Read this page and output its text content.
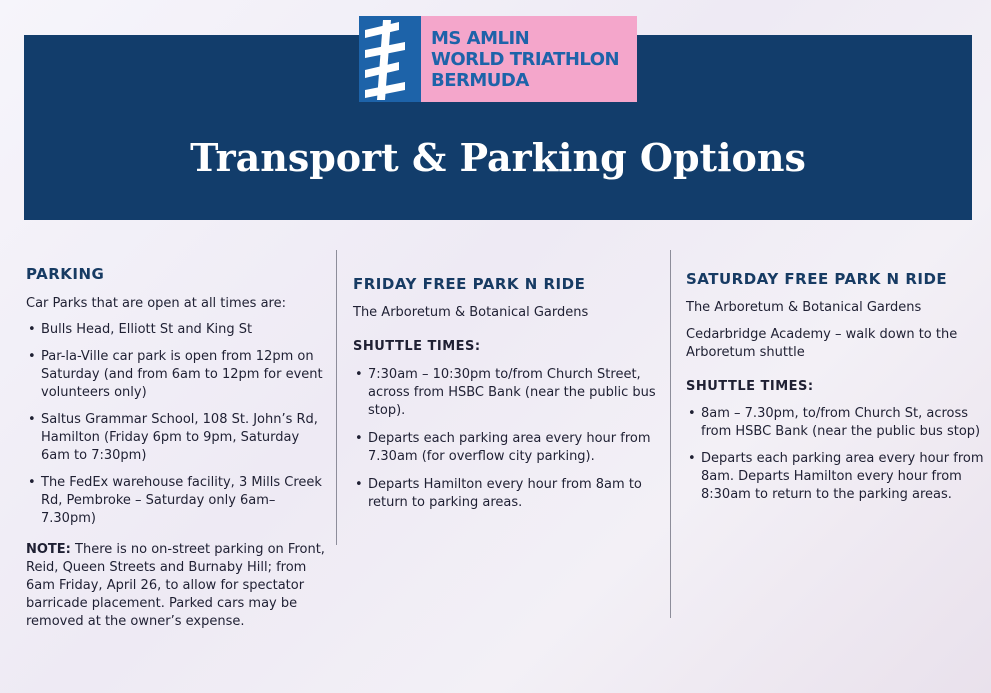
MS AMLIN
WORLD TRIATHLON
BERMUDA
Transport & Parking Options
PARKING

Car Parks that are open at all times are:

• Bulls Head, Elliott St and King St
• Par-la-Ville car park is open from 12pm on Saturday (and from 6am to 12pm for event volunteers only)
• Saltus Grammar School, 108 St. John’s Rd, Hamilton (Friday 6pm to 9pm, Saturday 6am to 7:30pm)
• The FedEx warehouse facility, 3 Mills Creek Rd, Pembroke – Saturday only 6am–7.30pm)

NOTE: There is no on-street parking on Front, Reid, Queen Streets and Burnaby Hill; from 6am Friday, April 26, to allow for spectator barricade placement. Parked cars may be removed at the owner’s expense.

FRIDAY FREE PARK N RIDE

The Arboretum & Botanical Gardens

SHUTTLE TIMES:
• 7:30am – 10:30pm to/from Church Street, across from HSBC Bank (near the public bus stop).
• Departs each parking area every hour from 7.30am (for overflow city parking).
• Departs Hamilton every hour from 8am to return to parking areas.
SATURDAY FREE PARK N RIDE

The Arboretum & Botanical Gardens

Cedarbridge Academy – walk down to the Arboretum shuttle

SHUTTLE TIMES:
• 8am – 7.30pm, to/from Church St, across from HSBC Bank (near the public bus stop)
• Departs each parking area every hour from 8am. Departs Hamilton every hour from 8:30am to return to the parking areas.
